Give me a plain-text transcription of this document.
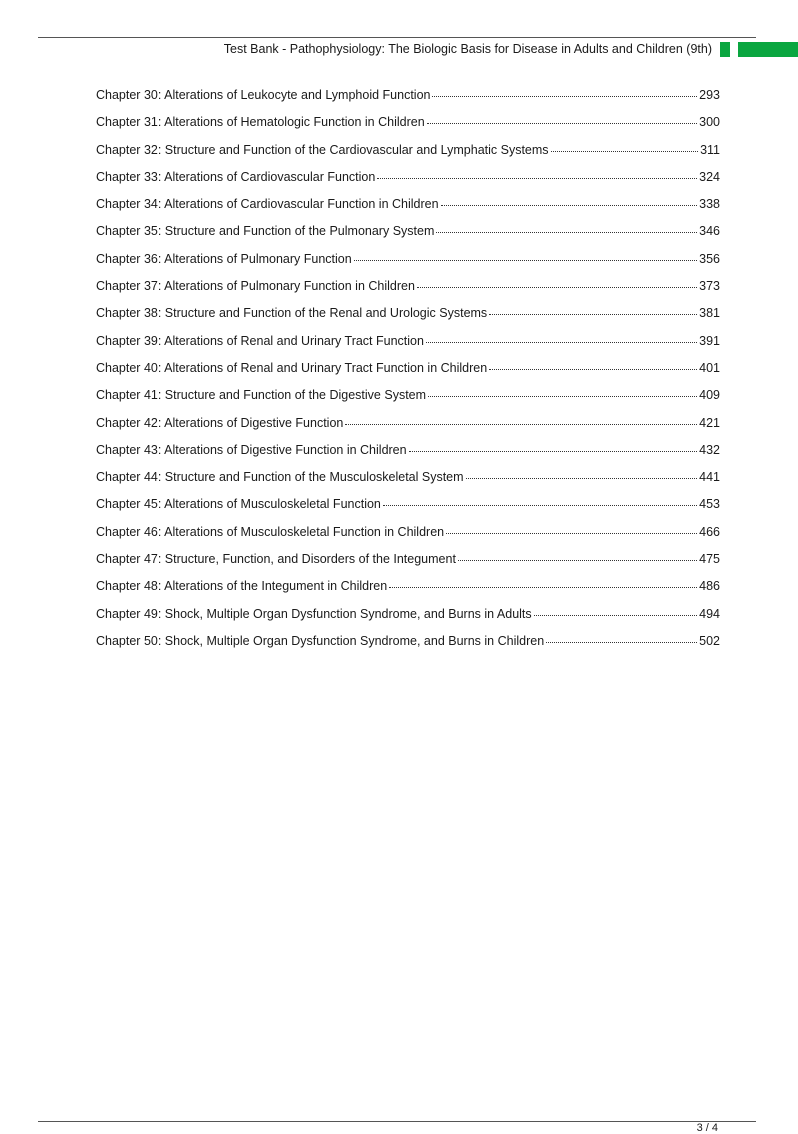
Test Bank - Pathophysiology: The Biologic Basis for Disease in Adults and Children (9th)
Chapter 30: Alterations of Leukocyte and Lymphoid Function	293
Chapter 31: Alterations of Hematologic Function in Children	300
Chapter 32: Structure and Function of the Cardiovascular and Lymphatic Systems	311
Chapter 33: Alterations of Cardiovascular Function	324
Chapter 34: Alterations of Cardiovascular Function in Children	338
Chapter 35: Structure and Function of the Pulmonary System	346
Chapter 36: Alterations of Pulmonary Function	356
Chapter 37: Alterations of Pulmonary Function in Children	373
Chapter 38: Structure and Function of the Renal and Urologic Systems	381
Chapter 39: Alterations of Renal and Urinary Tract Function	391
Chapter 40: Alterations of Renal and Urinary Tract Function in Children	401
Chapter 41: Structure and Function of the Digestive System	409
Chapter 42: Alterations of Digestive Function	421
Chapter 43: Alterations of Digestive Function in Children	432
Chapter 44: Structure and Function of the Musculoskeletal System	441
Chapter 45: Alterations of Musculoskeletal Function	453
Chapter 46: Alterations of Musculoskeletal Function in Children	466
Chapter 47: Structure, Function, and Disorders of the Integument	475
Chapter 48: Alterations of the Integument in Children	486
Chapter 49: Shock, Multiple Organ Dysfunction Syndrome, and Burns in Adults	494
Chapter 50: Shock, Multiple Organ Dysfunction Syndrome, and Burns in Children	502
3 / 4
